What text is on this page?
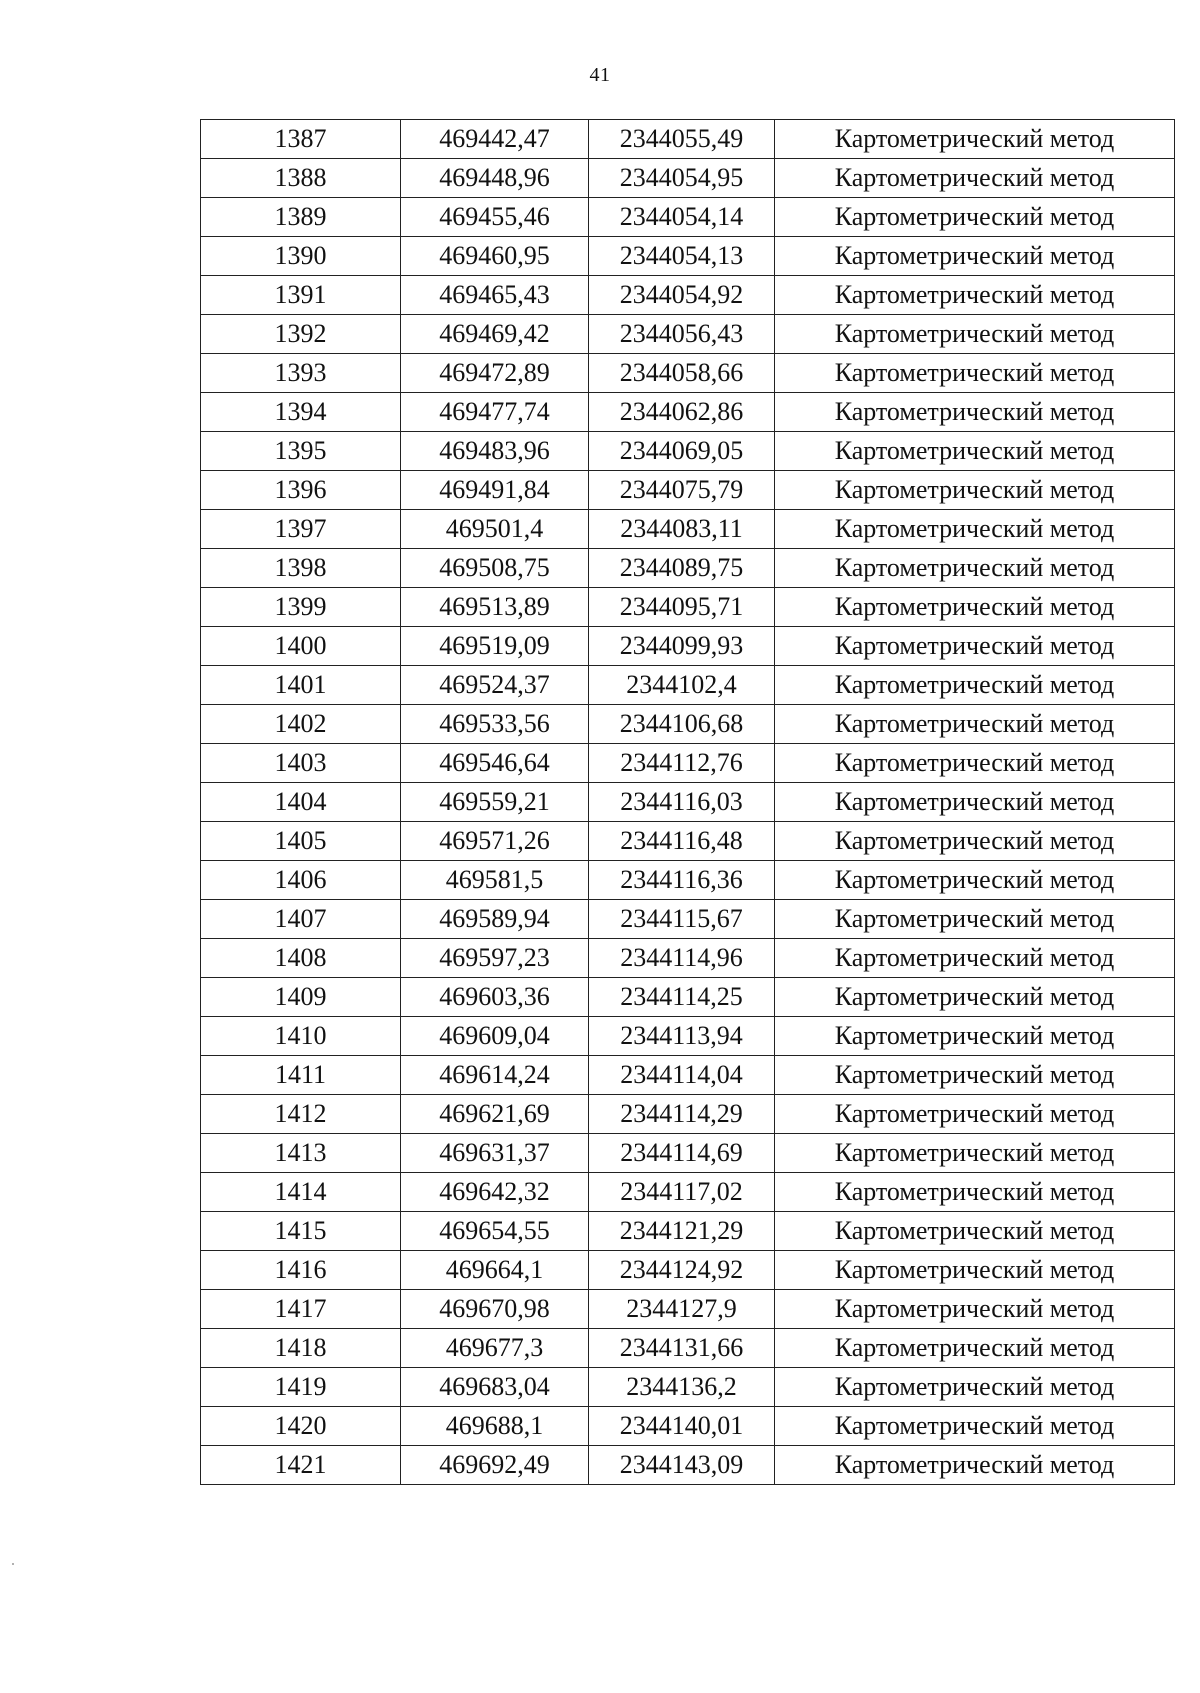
41
1387	469442,47	2344055,49	Картометрический метод
1388	469448,96	2344054,95	Картометрический метод
1389	469455,46	2344054,14	Картометрический метод
1390	469460,95	2344054,13	Картометрический метод
1391	469465,43	2344054,92	Картометрический метод
1392	469469,42	2344056,43	Картометрический метод
1393	469472,89	2344058,66	Картометрический метод
1394	469477,74	2344062,86	Картометрический метод
1395	469483,96	2344069,05	Картометрический метод
1396	469491,84	2344075,79	Картометрический метод
1397	469501,4	2344083,11	Картометрический метод
1398	469508,75	2344089,75	Картометрический метод
1399	469513,89	2344095,71	Картометрический метод
1400	469519,09	2344099,93	Картометрический метод
1401	469524,37	2344102,4	Картометрический метод
1402	469533,56	2344106,68	Картометрический метод
1403	469546,64	2344112,76	Картометрический метод
1404	469559,21	2344116,03	Картометрический метод
1405	469571,26	2344116,48	Картометрический метод
1406	469581,5	2344116,36	Картометрический метод
1407	469589,94	2344115,67	Картометрический метод
1408	469597,23	2344114,96	Картометрический метод
1409	469603,36	2344114,25	Картометрический метод
1410	469609,04	2344113,94	Картометрический метод
1411	469614,24	2344114,04	Картометрический метод
1412	469621,69	2344114,29	Картометрический метод
1413	469631,37	2344114,69	Картометрический метод
1414	469642,32	2344117,02	Картометрический метод
1415	469654,55	2344121,29	Картометрический метод
1416	469664,1	2344124,92	Картометрический метод
1417	469670,98	2344127,9	Картометрический метод
1418	469677,3	2344131,66	Картометрический метод
1419	469683,04	2344136,2	Картометрический метод
1420	469688,1	2344140,01	Картометрический метод
1421	469692,49	2344143,09	Картометрический метод
